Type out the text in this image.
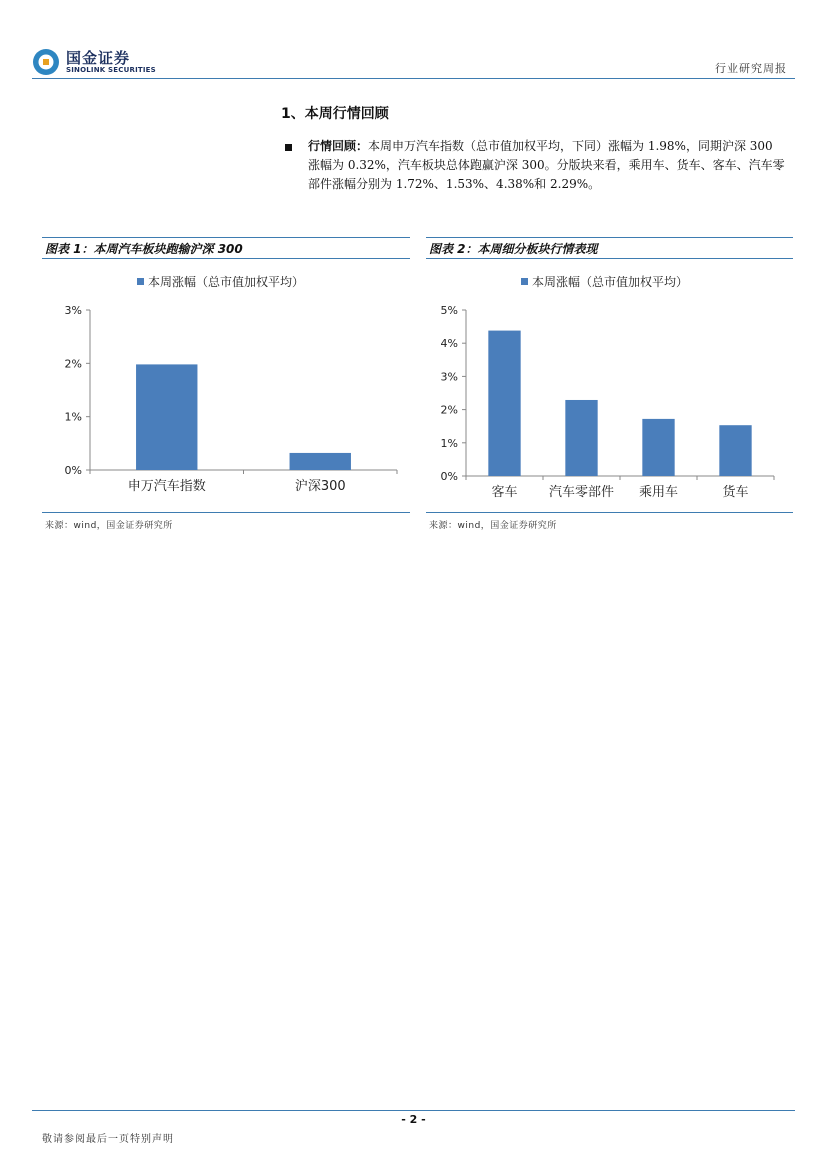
国金证券
SINOLINK SECURITIES	行业研究周报
1、本周行情回顾
行情回顾：本周申万汽车指数（总市值加权平均，下同）涨幅为 1.98%，同期沪深 300 涨幅为 0.32%，汽车板块总体跑赢沪深 300。分版块来看，乘用车、货车、客车、汽车零部件涨幅分别为 1.72%、1.53%、4.38%和 2.29%。
图表 1：本周汽车板块跑输沪深 300
本周涨幅（总市值加权平均）
0%
1%
2%
3%
申万汽车指数	沪深300
来源：wind，国金证券研究所
图表 2：本周细分板块行情表现
本周涨幅（总市值加权平均）
0%
1%
2%
3%
4%
5%
客车 汽车零部件 乘用车	货车
来源：wind，国金证券研究所
- 2 -
敬请参阅最后一页特别声明
